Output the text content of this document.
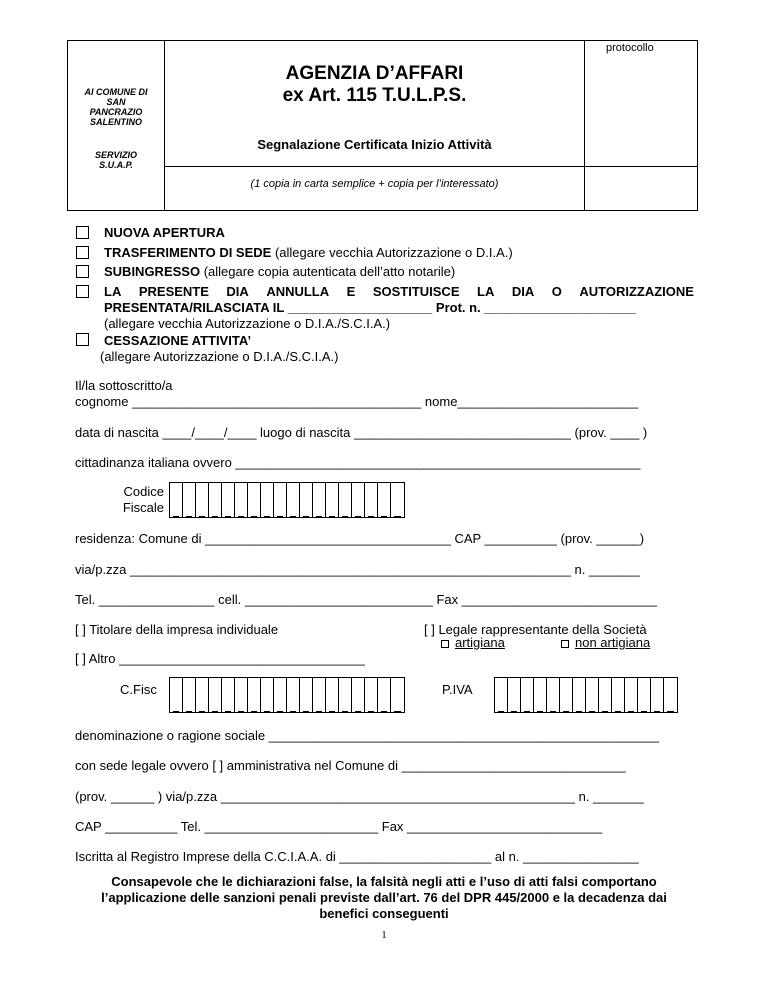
protocollo
AI COMUNE DI
SAN
PANCRAZIO
SALENTINO
SERVIZIO
S.U.A.P.
AGENZIA D’AFFARI
ex Art. 115 T.U.L.P.S.
Segnalazione Certificata Inizio Attività
(1 copia in carta semplice + copia per l’interessato)
NUOVA APERTURA
TRASFERIMENTO DI SEDE (allegare vecchia Autorizzazione o D.I.A.)
SUBINGRESSO (allegare copia autenticata dell’atto notarile)
LA PRESENTE DIA ANNULLA E SOSTITUISCE LA DIA O AUTORIZZAZIONE
PRESENTATA/RILASCIATA IL ____________________ Prot. n. _____________________
(allegare vecchia Autorizzazione o D.I.A./S.C.I.A.)
CESSAZIONE ATTIVITA’
(allegare Autorizzazione o D.I.A./S.C.I.A.)
Il/la sottoscritto/a
cognome ________________________________________ nome_________________________
data di nascita ____/____/____ luogo di nascita ______________________________ (prov. ____ )
cittadinanza italiana ovvero ________________________________________________________
Codice
Fiscale
residenza: Comune di __________________________________ CAP __________ (prov. ______)
via/p.zza _____________________________________________________________ n. _______
Tel. ________________ cell. __________________________ Fax ___________________________
[ ] Titolare della impresa individuale	[ ] Legale rappresentante della Società
artigiana	non artigiana
[ ] Altro __________________________________
C.Fisc	P.IVA
denominazione o ragione sociale ______________________________________________________
con sede legale ovvero [ ] amministrativa nel Comune di _______________________________
(prov. ______ ) via/p.zza _________________________________________________ n. _______
CAP __________ Tel. ________________________ Fax ___________________________
Iscritta al Registro Imprese della C.C.I.A.A. di _____________________ al n. ________________
Consapevole che le dichiarazioni false, la falsità negli atti e l’uso di atti falsi comportano
l’applicazione delle sanzioni penali previste dall’art. 76 del DPR 445/2000 e la decadenza dai
benefici conseguenti
1
